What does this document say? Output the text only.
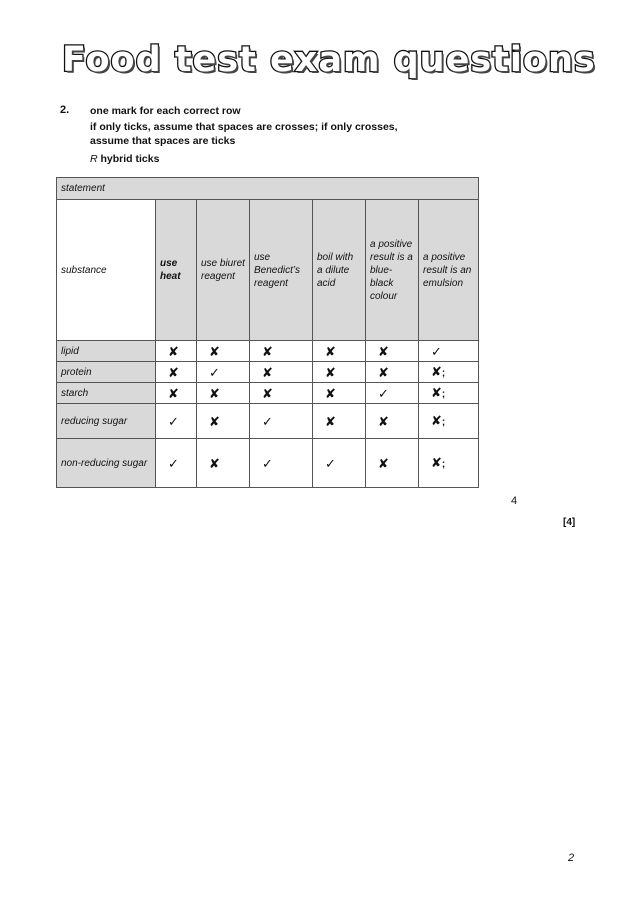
Food test exam questions
2. one mark for each correct row
if only ticks, assume that spaces are crosses; if only crosses, assume that spaces are ticks
R hybrid ticks
statement						
substance	use heat	use biuret reagent	use Benedict’s reagent	boil with a dilute acid	a positive result is a blue-black colour	a positive result is an emulsion
lipid	✘	✘	✘	✘	✘	✓
protein	✘	✓	✘	✘	✘	✘;
starch	✘	✘	✘	✘	✓	✘;
reducing sugar	✓	✘	✓	✘	✘	✘;
non-reducing sugar	✓	✘	✓	✓	✘	✘;
4
[4]
2
